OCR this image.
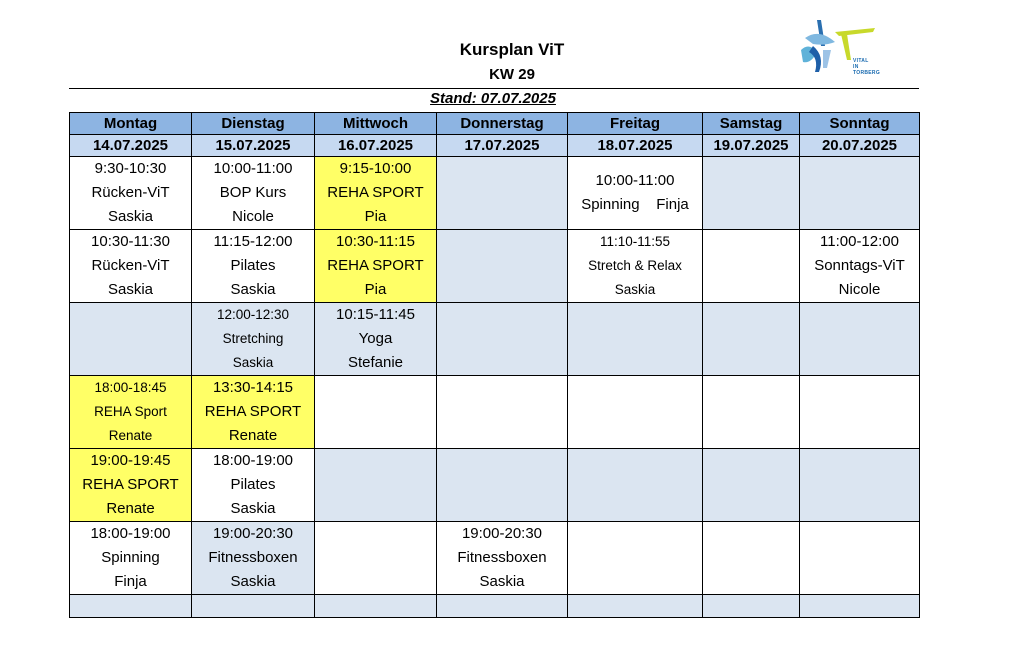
Kursplan ViT
KW 29
Stand: 07.07.2025
VITAL
IN TORBERG
Montag	Dienstag	Mittwoch	Donnerstag	Freitag	Samstag	Sonntag
14.07.2025	15.07.2025	16.07.2025	17.07.2025	18.07.2025	19.07.2025	20.07.2025

9:30-10:30
Rücken-ViT
Saskia	10:00-11:00
BOP Kurs
Nicole	9:15-10:00
REHA SPORT
Pia		10:00-11:00
Spinning    Finja		

10:30-11:30
Rücken-ViT
Saskia	11:15-12:00
Pilates
Saskia	10:30-11:15
REHA SPORT
Pia		11:10-11:55
Stretch & Relax
Saskia		11:00-12:00
Sonntags-ViT
Nicole

	12:00-12:30
Stretching
Saskia	10:15-11:45
Yoga
Stefanie				

18:00-18:45
REHA Sport
Renate	13:30-14:15
REHA SPORT
Renate					

19:00-19:45
REHA SPORT
Renate	18:00-19:00
Pilates
Saskia					

18:00-19:00
Spinning
Finja	19:00-20:30
Fitnessboxen
Saskia		19:00-20:30
Fitnessboxen
Saskia			
